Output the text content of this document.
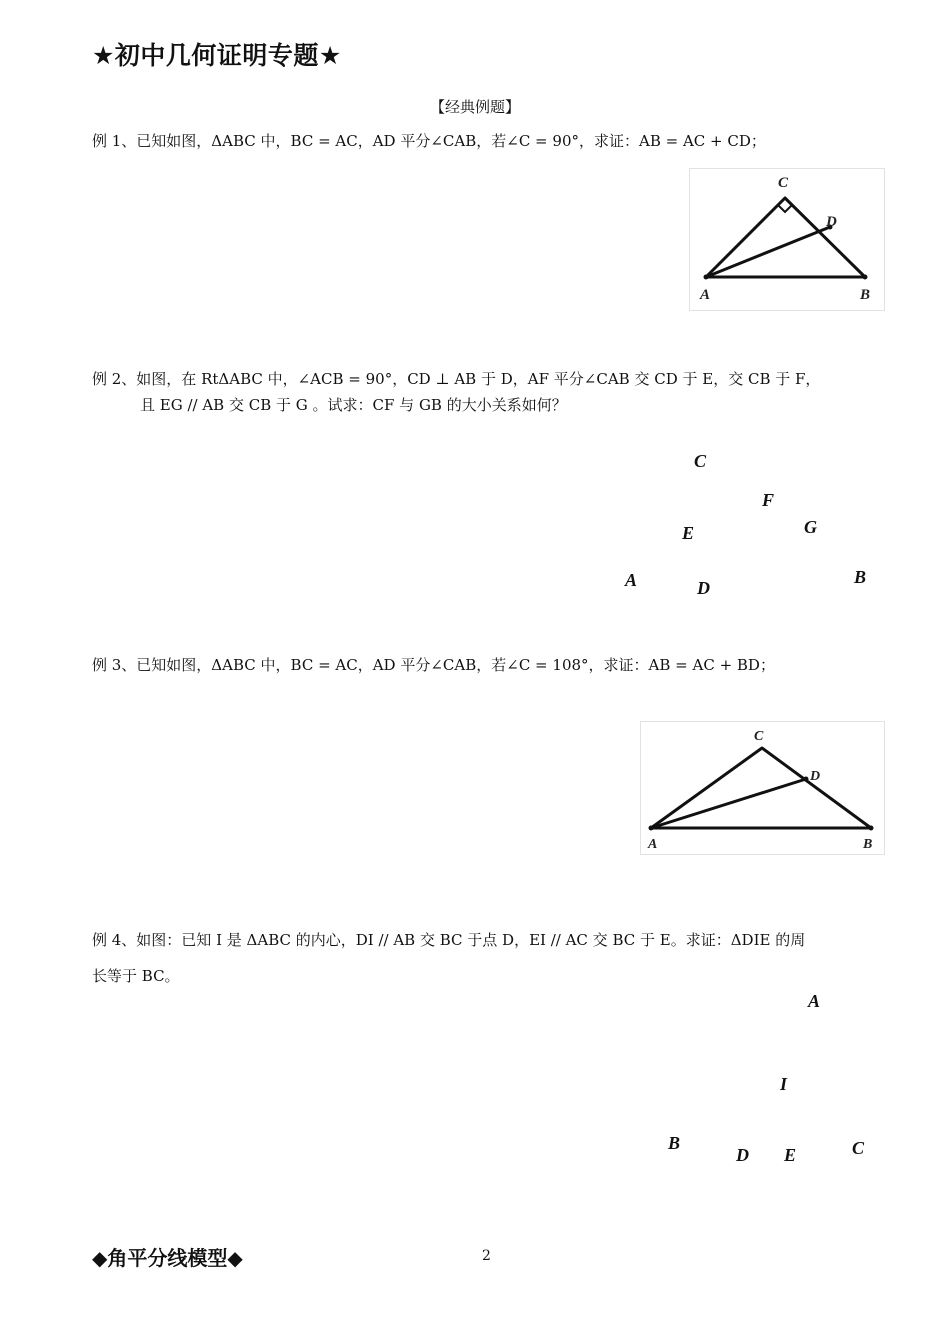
★初中几何证明专题★
【经典例题】
例 1、已知如图，ΔABC 中，BC = AC，AD 平分∠CAB，若∠C = 90°，求证：AB = AC + CD；
C
D
A	B
例 2、如图，在 RtΔABC 中，∠ACB = 90°，CD ⊥ AB 于 D，AF 平分∠CAB 交 CD 于 E，交 CB 于 F，
且 EG // AB 交 CB 于 G 。试求：CF 与 GB 的大小关系如何？
C
F
G
E
A	D
B
例 3、已知如图，ΔABC 中，BC = AC，AD 平分∠CAB，若∠C = 108°，求证：AB = AC + BD；
C
D
A	B
例 4、如图：已知 I 是 ΔABC 的内心，DI // AB 交 BC 于点 D，EI // AC 交 BC 于 E。求证：ΔDIE 的周
长等于 BC。
A
I
B
D E	C
◆角平分线模型◆	2
